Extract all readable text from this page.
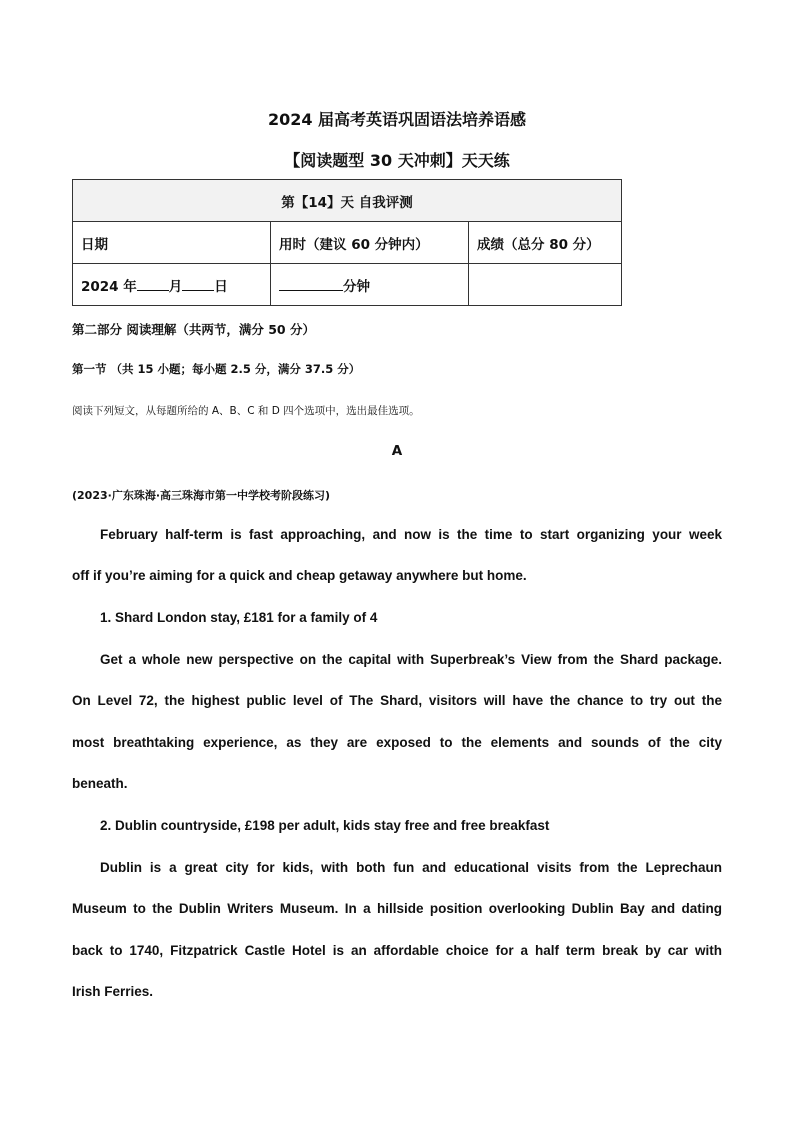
2024 届高考英语巩固语法培养语感
【阅读题型 30 天冲刺】天天练
第【14】天 自我评测		
日期	用时（建议 60 分钟内）	成绩（总分 80 分）
2024 年 月 日	分钟	
第二部分 阅读理解（共两节，满分 50 分）
第一节 （共 15 小题；每小题 2.5 分，满分 37.5 分）
阅读下列短文，从每题所给的 A、B、C 和 D 四个选项中，选出最佳选项。
A
(2023·广东珠海·高三珠海市第一中学校考阶段练习)
February half-term is fast approaching, and now is the time to start organizing your week
off if you’re aiming for a quick and cheap getaway anywhere but home.
1. Shard London stay, £181 for a family of 4
Get a whole new perspective on the capital with Superbreak’s View from the Shard package.
On Level 72, the highest public level of The Shard, visitors will have the chance to try out the
most breathtaking experience, as they are exposed to the elements and sounds of the city
beneath.
2. Dublin countryside, £198 per adult, kids stay free and free breakfast
Dublin is a great city for kids, with both fun and educational visits from the Leprechaun
Museum to the Dublin Writers Museum. In a hillside position overlooking Dublin Bay and dating
back to 1740, Fitzpatrick Castle Hotel is an affordable choice for a half term break by car with
Irish Ferries.
